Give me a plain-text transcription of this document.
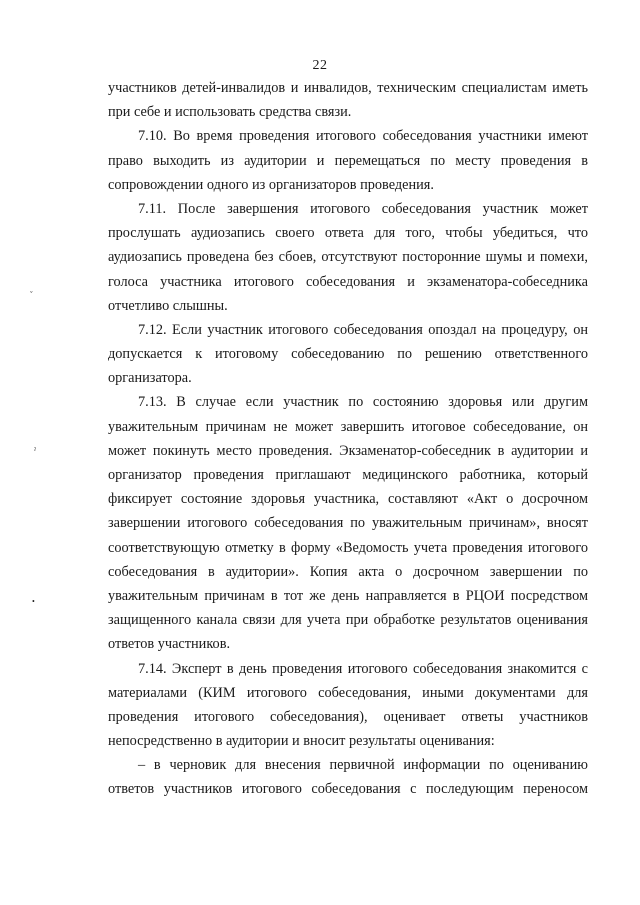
22
участников детей-инвалидов и инвалидов, техническим специалистам иметь
при себе и использовать средства связи.
7.10. Во время проведения итогового собеседования участники имеют
право выходить из аудитории и перемещаться по месту проведения в
сопровождении одного из организаторов проведения.
7.11. После завершения итогового собеседования участник может
прослушать аудиозапись своего ответа для того, чтобы убедиться, что
аудиозапись проведена без сбоев, отсутствуют посторонние шумы и помехи,
голоса участника итогового собеседования и экзаменатора-собеседника
отчетливо слышны.
7.12. Если участник итогового собеседования опоздал на процедуру, он
допускается к итоговому собеседованию по решению ответственного
организатора.
7.13. В случае если участник по состоянию здоровья или другим
уважительным причинам не может завершить итоговое собеседование, он
может покинуть место проведения. Экзаменатор-собеседник в аудитории и
организатор проведения приглашают медицинского работника, который
фиксирует состояние здоровья участника, составляют «Акт о досрочном
завершении итогового собеседования по уважительным причинам», вносят
соответствующую отметку в форму «Ведомость учета проведения итогового
собеседования в аудитории». Копия акта о досрочном завершении по
уважительным причинам в тот же день направляется в РЦОИ посредством
защищенного канала связи для учета при обработке результатов оценивания
ответов участников.
7.14. Эксперт в день проведения итогового собеседования знакомится с
материалами (КИМ итогового собеседования, иными документами для
проведения итогового собеседования), оценивает ответы участников
непосредственно в аудитории и вносит результаты оценивания:
– в черновик для внесения первичной информации по оцениванию
ответов участников итогового собеседования с последующим переносом
ˇ
ˀ
•
